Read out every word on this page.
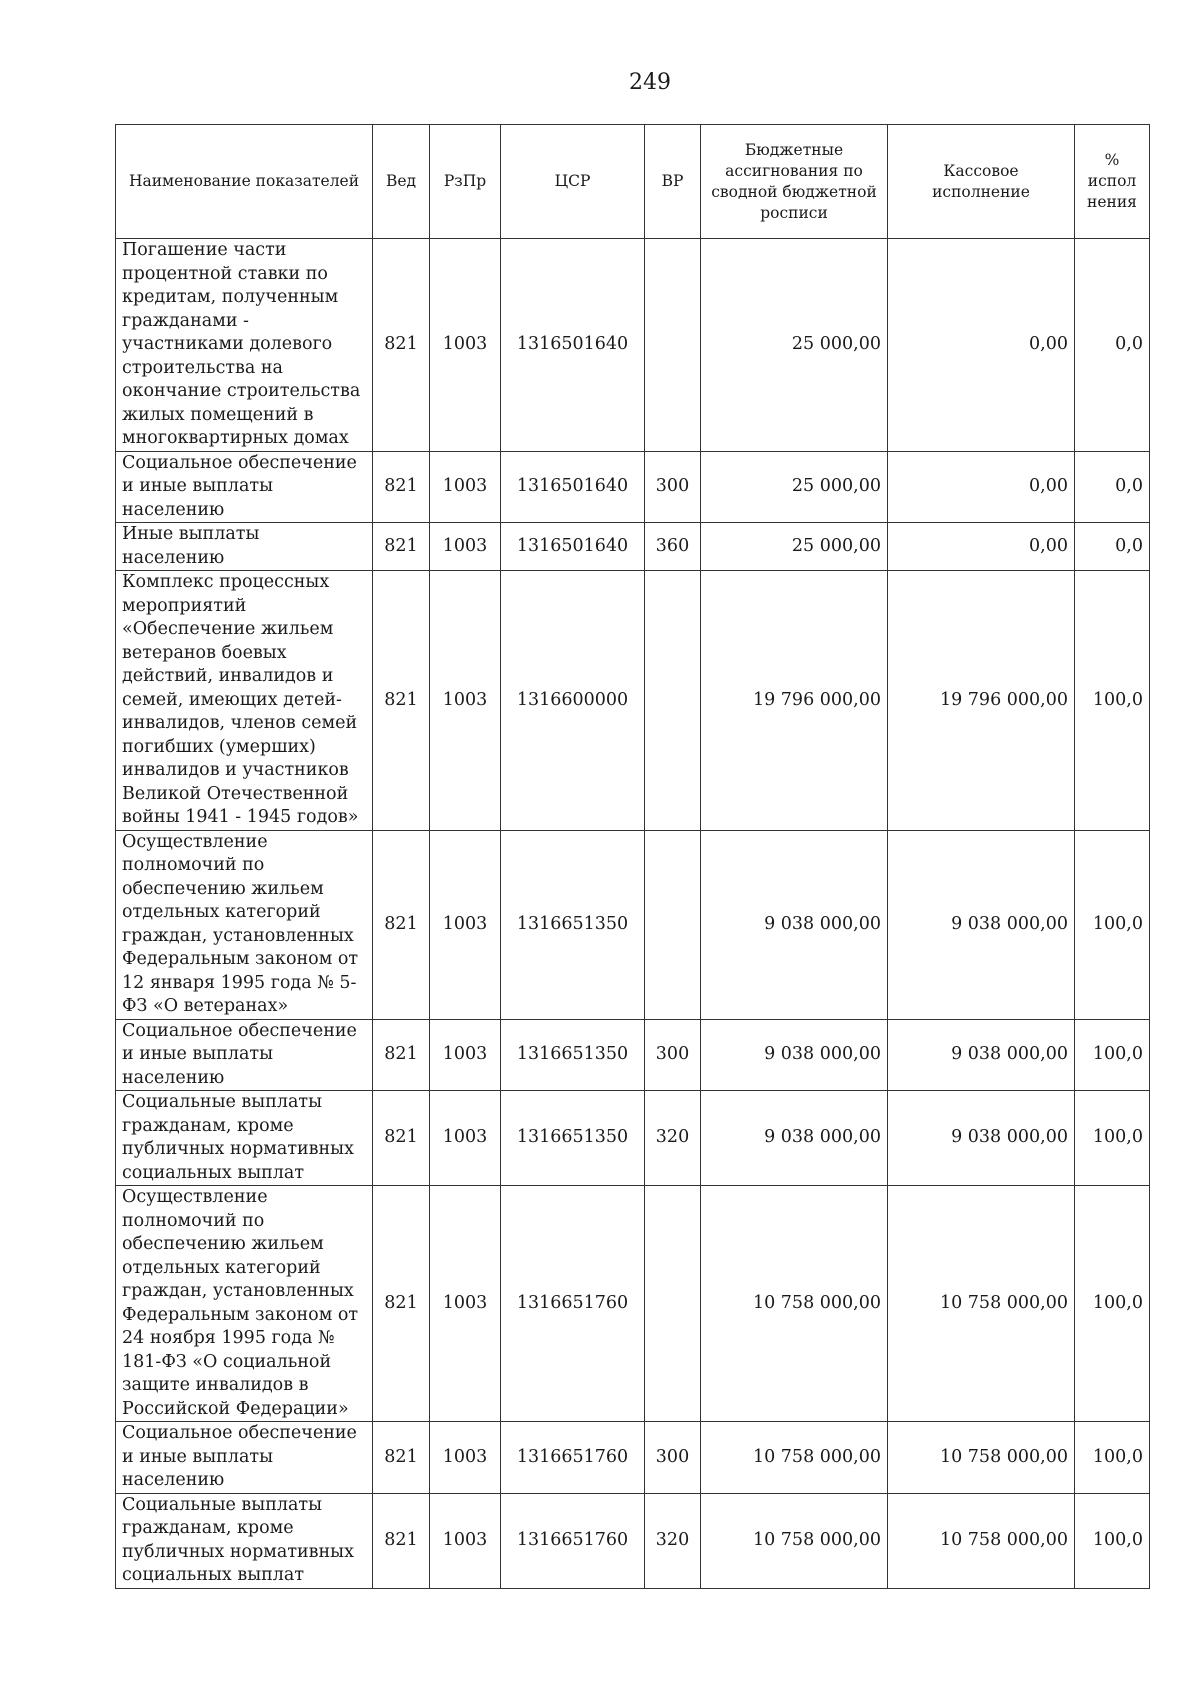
249
Наименование показателей	Вед	РзПр	ЦСР	ВР	Бюджетные ассигнования по сводной бюджетной росписи	Кассовое исполнение	% испол нения
Погашение части процентной ставки по кредитам, полученным гражданами - участниками долевого строительства на окончание строительства жилых помещений в многоквартирных домах	821	1003	1316501640		25 000,00	0,00	0,0
Социальное обеспечение и иные выплаты населению	821	1003	1316501640	300	25 000,00	0,00	0,0
Иные выплаты населению	821	1003	1316501640	360	25 000,00	0,00	0,0
Комплекс процессных мероприятий «Обеспечение жильем ветеранов боевых действий, инвалидов и семей, имеющих детей-инвалидов, членов семей погибших (умерших) инвалидов и участников Великой Отечественной войны 1941 - 1945 годов»	821	1003	1316600000		19 796 000,00	19 796 000,00	100,0
Осуществление полномочий по обеспечению жильем отдельных категорий граждан, установленных Федеральным законом от 12 января 1995 года № 5-ФЗ «О ветеранах»	821	1003	1316651350		9 038 000,00	9 038 000,00	100,0
Социальное обеспечение и иные выплаты населению	821	1003	1316651350	300	9 038 000,00	9 038 000,00	100,0
Социальные выплаты гражданам, кроме публичных нормативных социальных выплат	821	1003	1316651350	320	9 038 000,00	9 038 000,00	100,0
Осуществление полномочий по обеспечению жильем отдельных категорий граждан, установленных Федеральным законом от 24 ноября 1995 года № 181-ФЗ «О социальной защите инвалидов в Российской Федерации»	821	1003	1316651760		10 758 000,00	10 758 000,00	100,0
Социальное обеспечение и иные выплаты населению	821	1003	1316651760	300	10 758 000,00	10 758 000,00	100,0
Социальные выплаты гражданам, кроме публичных нормативных социальных выплат	821	1003	1316651760	320	10 758 000,00	10 758 000,00	100,0
